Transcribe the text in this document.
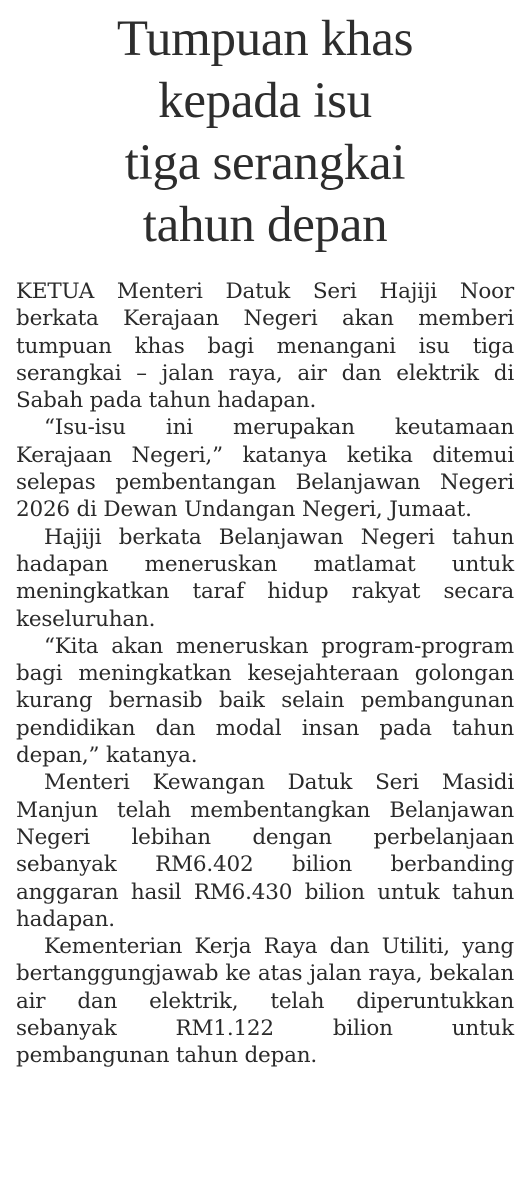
Tumpuan khas
kepada isu
tiga serangkai
tahun depan

KETUA Menteri Datuk Seri Hajiji Noor berkata Kerajaan Negeri akan memberi tumpuan khas bagi menangani isu tiga serangkai – jalan raya, air dan elektrik di Sabah pada tahun hadapan.

“Isu-isu ini merupakan keutamaan Kerajaan Negeri,” katanya ketika ditemui selepas pembentangan Belanjawan Negeri 2026 di Dewan Undangan Negeri, Jumaat.

Hajiji berkata Belanjawan Negeri tahun hadapan meneruskan matlamat untuk meningkatkan taraf hidup rakyat secara keseluruhan.

“Kita akan meneruskan program-program bagi meningkatkan kesejahteraan golongan kurang bernasib baik selain pembangunan pendidikan dan modal insan pada tahun depan,” katanya.

Menteri Kewangan Datuk Seri Masidi Manjun telah membentangkan Belanjawan Negeri lebihan dengan perbelanjaan sebanyak RM6.402 bilion berbanding anggaran hasil RM6.430 bilion untuk tahun hadapan.

Kementerian Kerja Raya dan Utiliti, yang bertanggungjawab ke atas jalan raya, bekalan air dan elektrik, telah diperuntukkan sebanyak RM1.122 bilion untuk pembangunan tahun depan.
